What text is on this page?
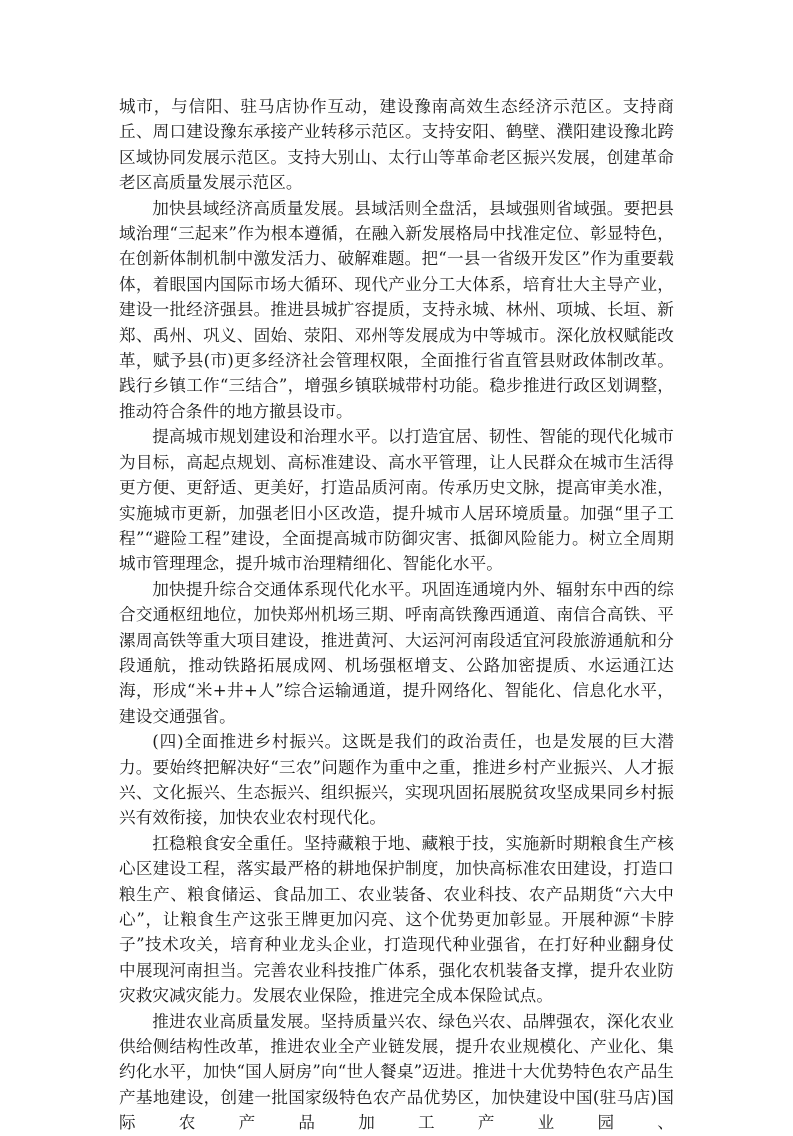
城市，与信阳、驻马店协作互动，建设豫南高效生态经济示范区。支持商丘、周口建设豫东承接产业转移示范区。支持安阳、鹤壁、濮阳建设豫北跨区域协同发展示范区。支持大别山、太行山等革命老区振兴发展，创建革命老区高质量发展示范区。

加快县域经济高质量发展。县域活则全盘活，县域强则省域强。要把县域治理“三起来”作为根本遵循，在融入新发展格局中找准定位、彰显特色，在创新体制机制中激发活力、破解难题。把“一县一省级开发区”作为重要载体，着眼国内国际市场大循环、现代产业分工大体系，培育壮大主导产业，建设一批经济强县。推进县城扩容提质，支持永城、林州、项城、长垣、新郑、禹州、巩义、固始、荥阳、邓州等发展成为中等城市。深化放权赋能改革，赋予县(市)更多经济社会管理权限，全面推行省直管县财政体制改革。践行乡镇工作“三结合”，增强乡镇联城带村功能。稳步推进行政区划调整，推动符合条件的地方撤县设市。

提高城市规划建设和治理水平。以打造宜居、韧性、智能的现代化城市为目标，高起点规划、高标准建设、高水平管理，让人民群众在城市生活得更方便、更舒适、更美好，打造品质河南。传承历史文脉，提高审美水准，实施城市更新，加强老旧小区改造，提升城市人居环境质量。加强“里子工程”“避险工程”建设，全面提高城市防御灾害、抵御风险能力。树立全周期城市管理理念，提升城市治理精细化、智能化水平。

加快提升综合交通体系现代化水平。巩固连通境内外、辐射东中西的综合交通枢纽地位，加快郑州机场三期、呼南高铁豫西通道、南信合高铁、平漯周高铁等重大项目建设，推进黄河、大运河河南段适宜河段旅游通航和分段通航，推动铁路拓展成网、机场强枢增支、公路加密提质、水运通江达海，形成“米+井+人”综合运输通道，提升网络化、智能化、信息化水平，建设交通强省。

(四)全面推进乡村振兴。这既是我们的政治责任，也是发展的巨大潜力。要始终把解决好“三农”问题作为重中之重，推进乡村产业振兴、人才振兴、文化振兴、生态振兴、组织振兴，实现巩固拓展脱贫攻坚成果同乡村振兴有效衔接，加快农业农村现代化。

扛稳粮食安全重任。坚持藏粮于地、藏粮于技，实施新时期粮食生产核心区建设工程，落实最严格的耕地保护制度，加快高标准农田建设，打造口粮生产、粮食储运、食品加工、农业装备、农业科技、农产品期货“六大中心”，让粮食生产这张王牌更加闪亮、这个优势更加彰显。开展种源“卡脖子”技术攻关，培育种业龙头企业，打造现代种业强省，在打好种业翻身仗中展现河南担当。完善农业科技推广体系，强化农机装备支撑，提升农业防灾救灾减灾能力。发展农业保险，推进完全成本保险试点。

推进农业高质量发展。坚持质量兴农、绿色兴农、品牌强农，深化农业供给侧结构性改革，推进农业全产业链发展，提升农业规模化、产业化、集约化水平，加快“国人厨房”向“世人餐桌”迈进。推进十大优势特色农产品生产基地建设，创建一批国家级特色农产品优势区，加快建设中国(驻马店)国际农产品加工产业园、
